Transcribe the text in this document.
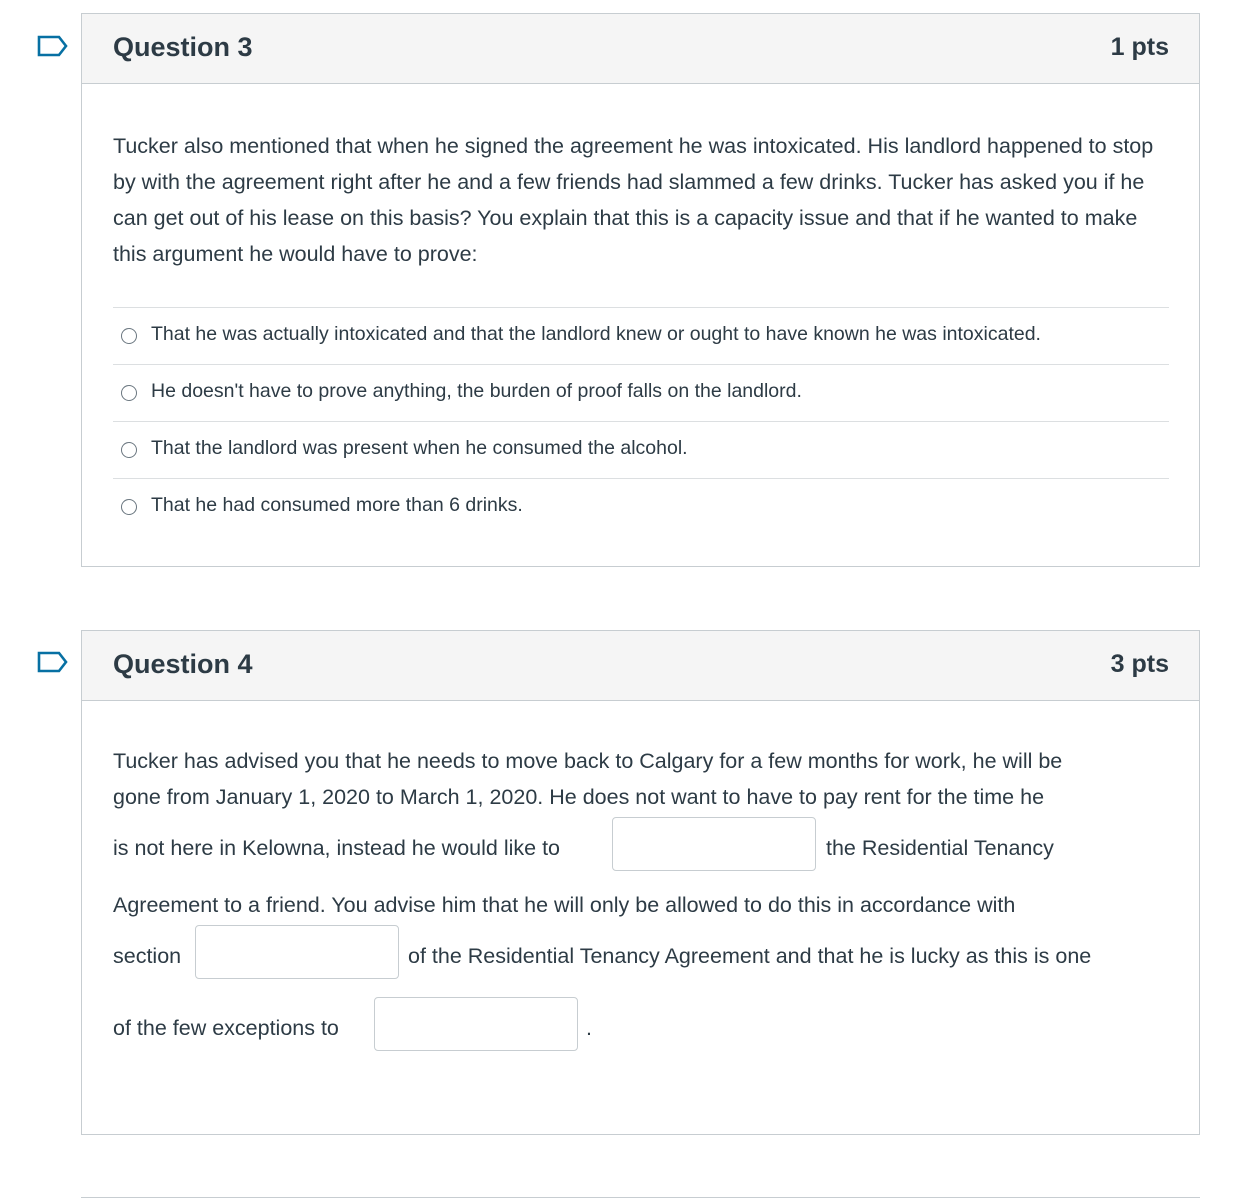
Question 3	1 pts
Tucker also mentioned that when he signed the agreement he was intoxicated. His landlord happened to stop by with the agreement right after he and a few friends had slammed a few drinks. Tucker has asked you if he can get out of his lease on this basis? You explain that this is a capacity issue and that if he wanted to make this argument he would have to prove:
That he was actually intoxicated and that the landlord knew or ought to have known he was intoxicated.
He doesn't have to prove anything, the burden of proof falls on the landlord.
That the landlord was present when he consumed the alcohol.
That he had consumed more than 6 drinks.
Question 4	3 pts
Tucker has advised you that he needs to move back to Calgary for a few months for work, he will be
gone from January 1, 2020 to March 1, 2020. He does not want to have to pay rent for the time he
is not here in Kelowna, instead he would like to	the Residential Tenancy
Agreement to a friend. You advise him that he will only be allowed to do this in accordance with
section	of the Residential Tenancy Agreement and that he is lucky as this is one
of the few exceptions to	.
